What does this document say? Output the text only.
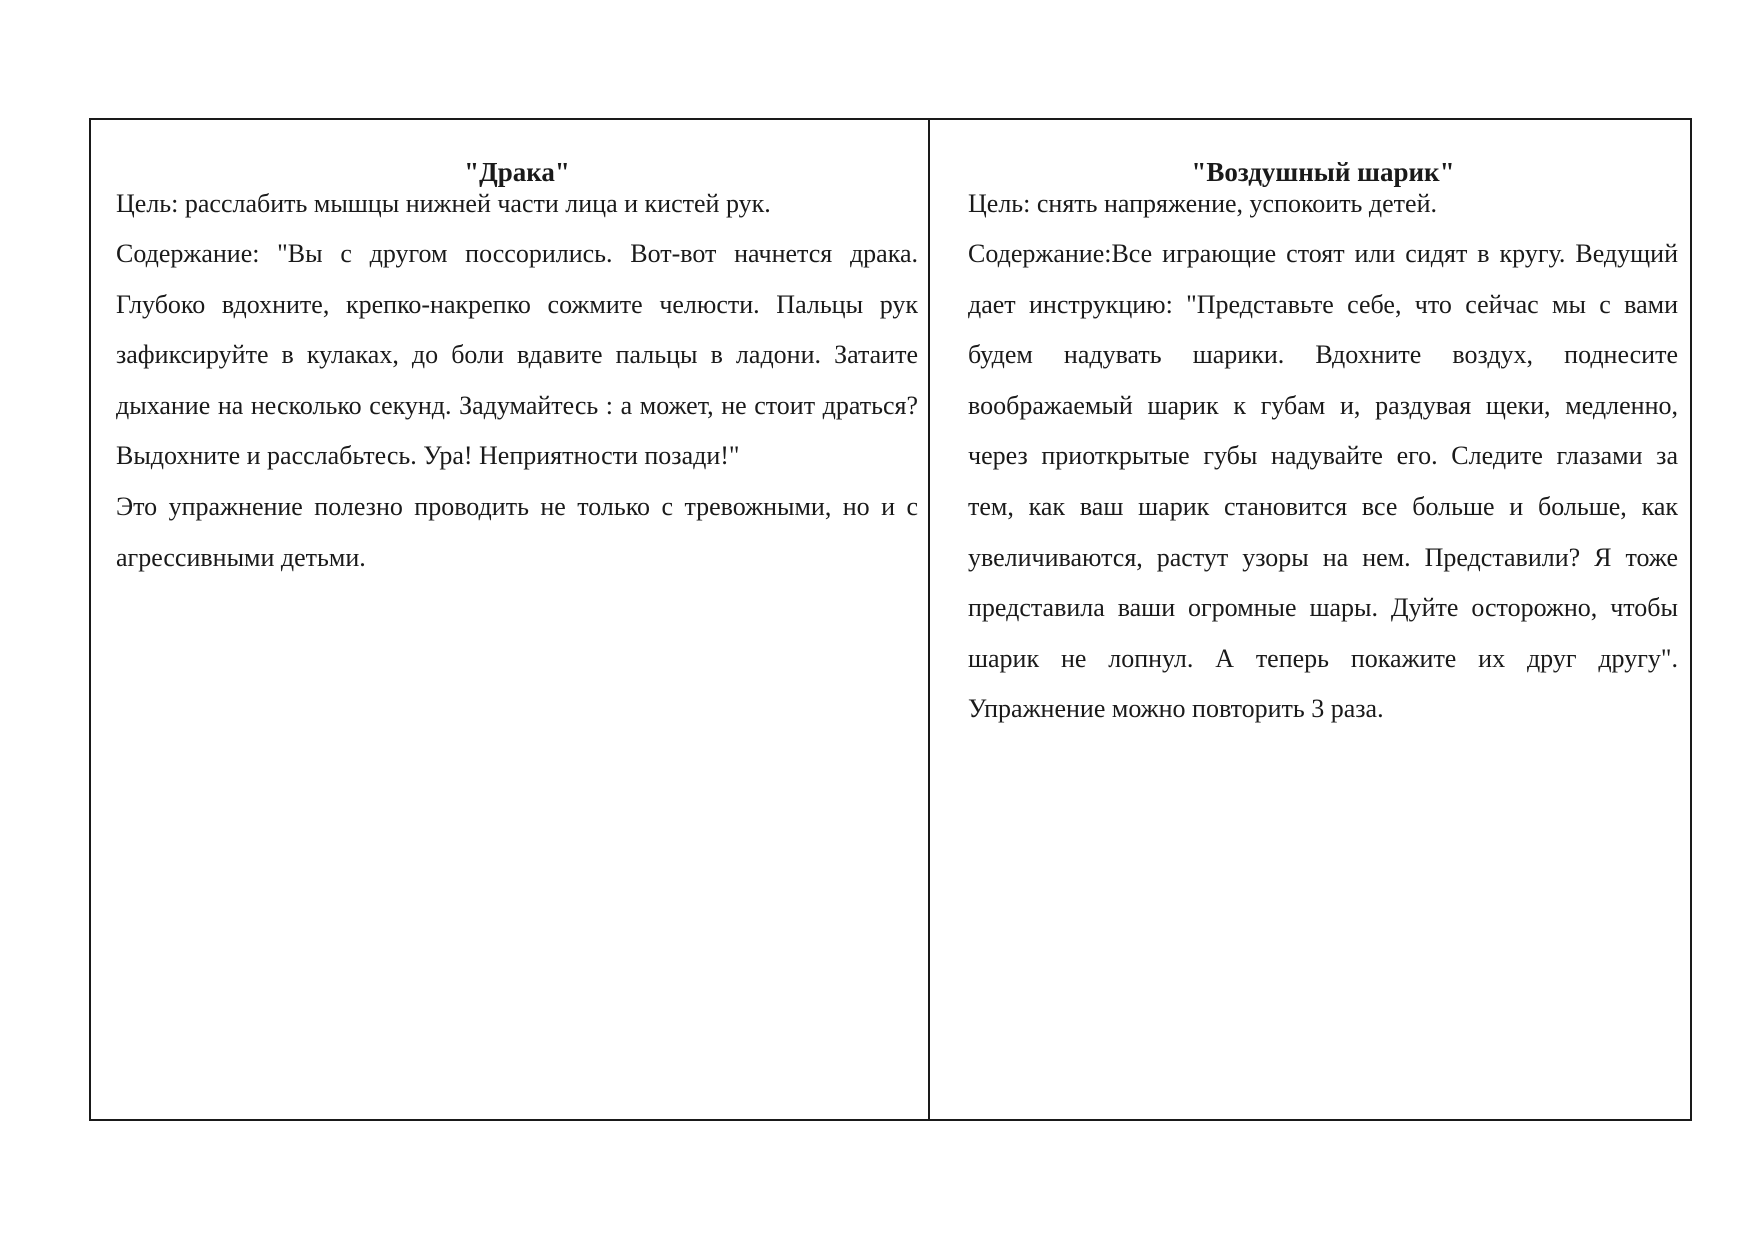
"Драка"

Цель: расслабить мышцы нижней части лица и кистей рук.

Содержание: "Вы с другом поссорились. Вот-вот начнется драка. Глубоко вдохните, крепко-накрепко сожмите челюсти. Пальцы рук зафиксируйте в кулаках, до боли вдавите пальцы в ладони. Затаите дыхание на несколько секунд. Задумайтесь : а может, не стоит драться? Выдохните и расслабьтесь. Ура! Неприятности позади!"

Это упражнение полезно проводить не только с тревожными, но и с агрессивными детьми.

"Воздушный шарик"

Цель: снять напряжение, успокоить детей.

Содержание:Все играющие стоят или сидят в кругу. Ведущий дает инструкцию: "Представьте себе, что сейчас мы с вами будем надувать шарики. Вдохните воздух, поднесите воображаемый шарик к губам и, раздувая щеки, медленно, через приоткрытые губы надувайте его. Следите глазами за тем, как ваш шарик становится все больше и больше, как увеличиваются, растут узоры на нем. Представили? Я тоже представила ваши огромные шары. Дуйте осторожно, чтобы шарик не лопнул. А теперь покажите их друг другу". Упражнение можно повторить 3 раза.
